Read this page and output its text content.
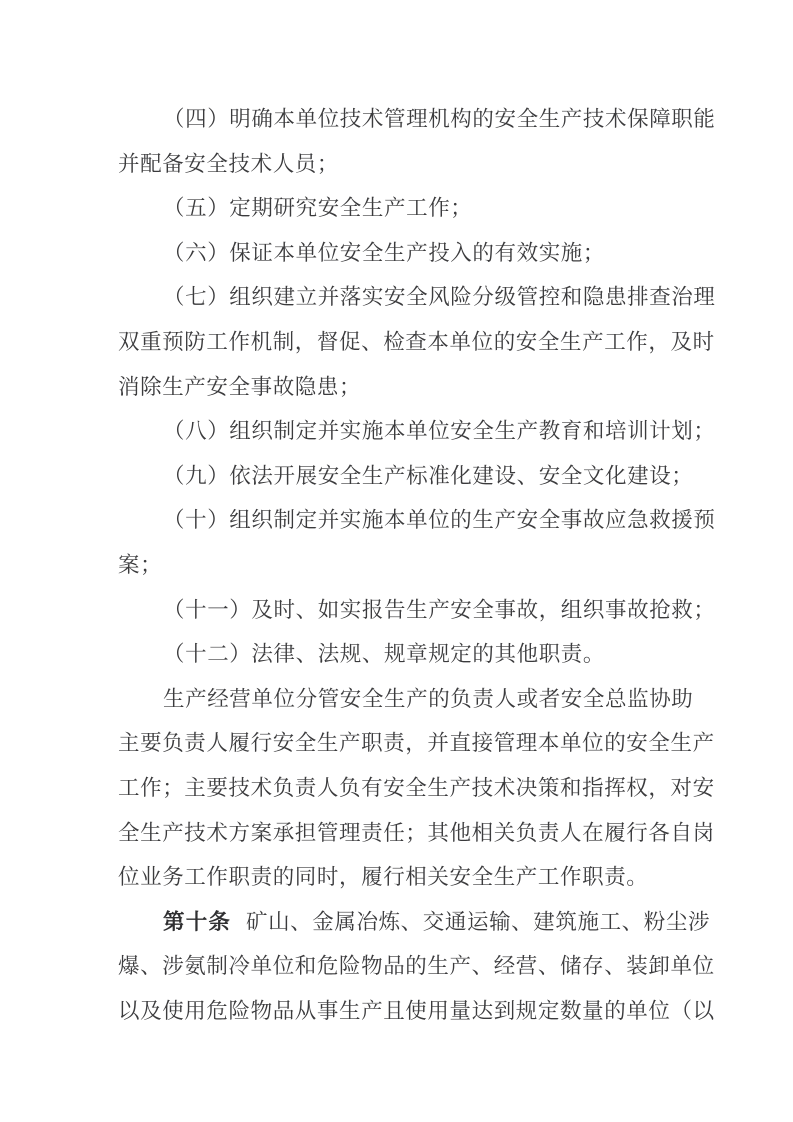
（四）明确本单位技术管理机构的安全生产技术保障职能
并配备安全技术人员；
（五）定期研究安全生产工作；
（六）保证本单位安全生产投入的有效实施；
（七）组织建立并落实安全风险分级管控和隐患排查治理
双重预防工作机制，督促、检查本单位的安全生产工作，及时
消除生产安全事故隐患；
（八）组织制定并实施本单位安全生产教育和培训计划；
（九）依法开展安全生产标准化建设、安全文化建设；
（十）组织制定并实施本单位的生产安全事故应急救援预
案；
（十一）及时、如实报告生产安全事故，组织事故抢救；
（十二）法律、法规、规章规定的其他职责。
生产经营单位分管安全生产的负责人或者安全总监协助
主要负责人履行安全生产职责，并直接管理本单位的安全生产
工作；主要技术负责人负有安全生产技术决策和指挥权，对安
全生产技术方案承担管理责任；其他相关负责人在履行各自岗
位业务工作职责的同时，履行相关安全生产工作职责。
第十条  矿山、金属冶炼、交通运输、建筑施工、粉尘涉
爆、涉氨制冷单位和危险物品的生产、经营、储存、装卸单位
以及使用危险物品从事生产且使用量达到规定数量的单位（以
